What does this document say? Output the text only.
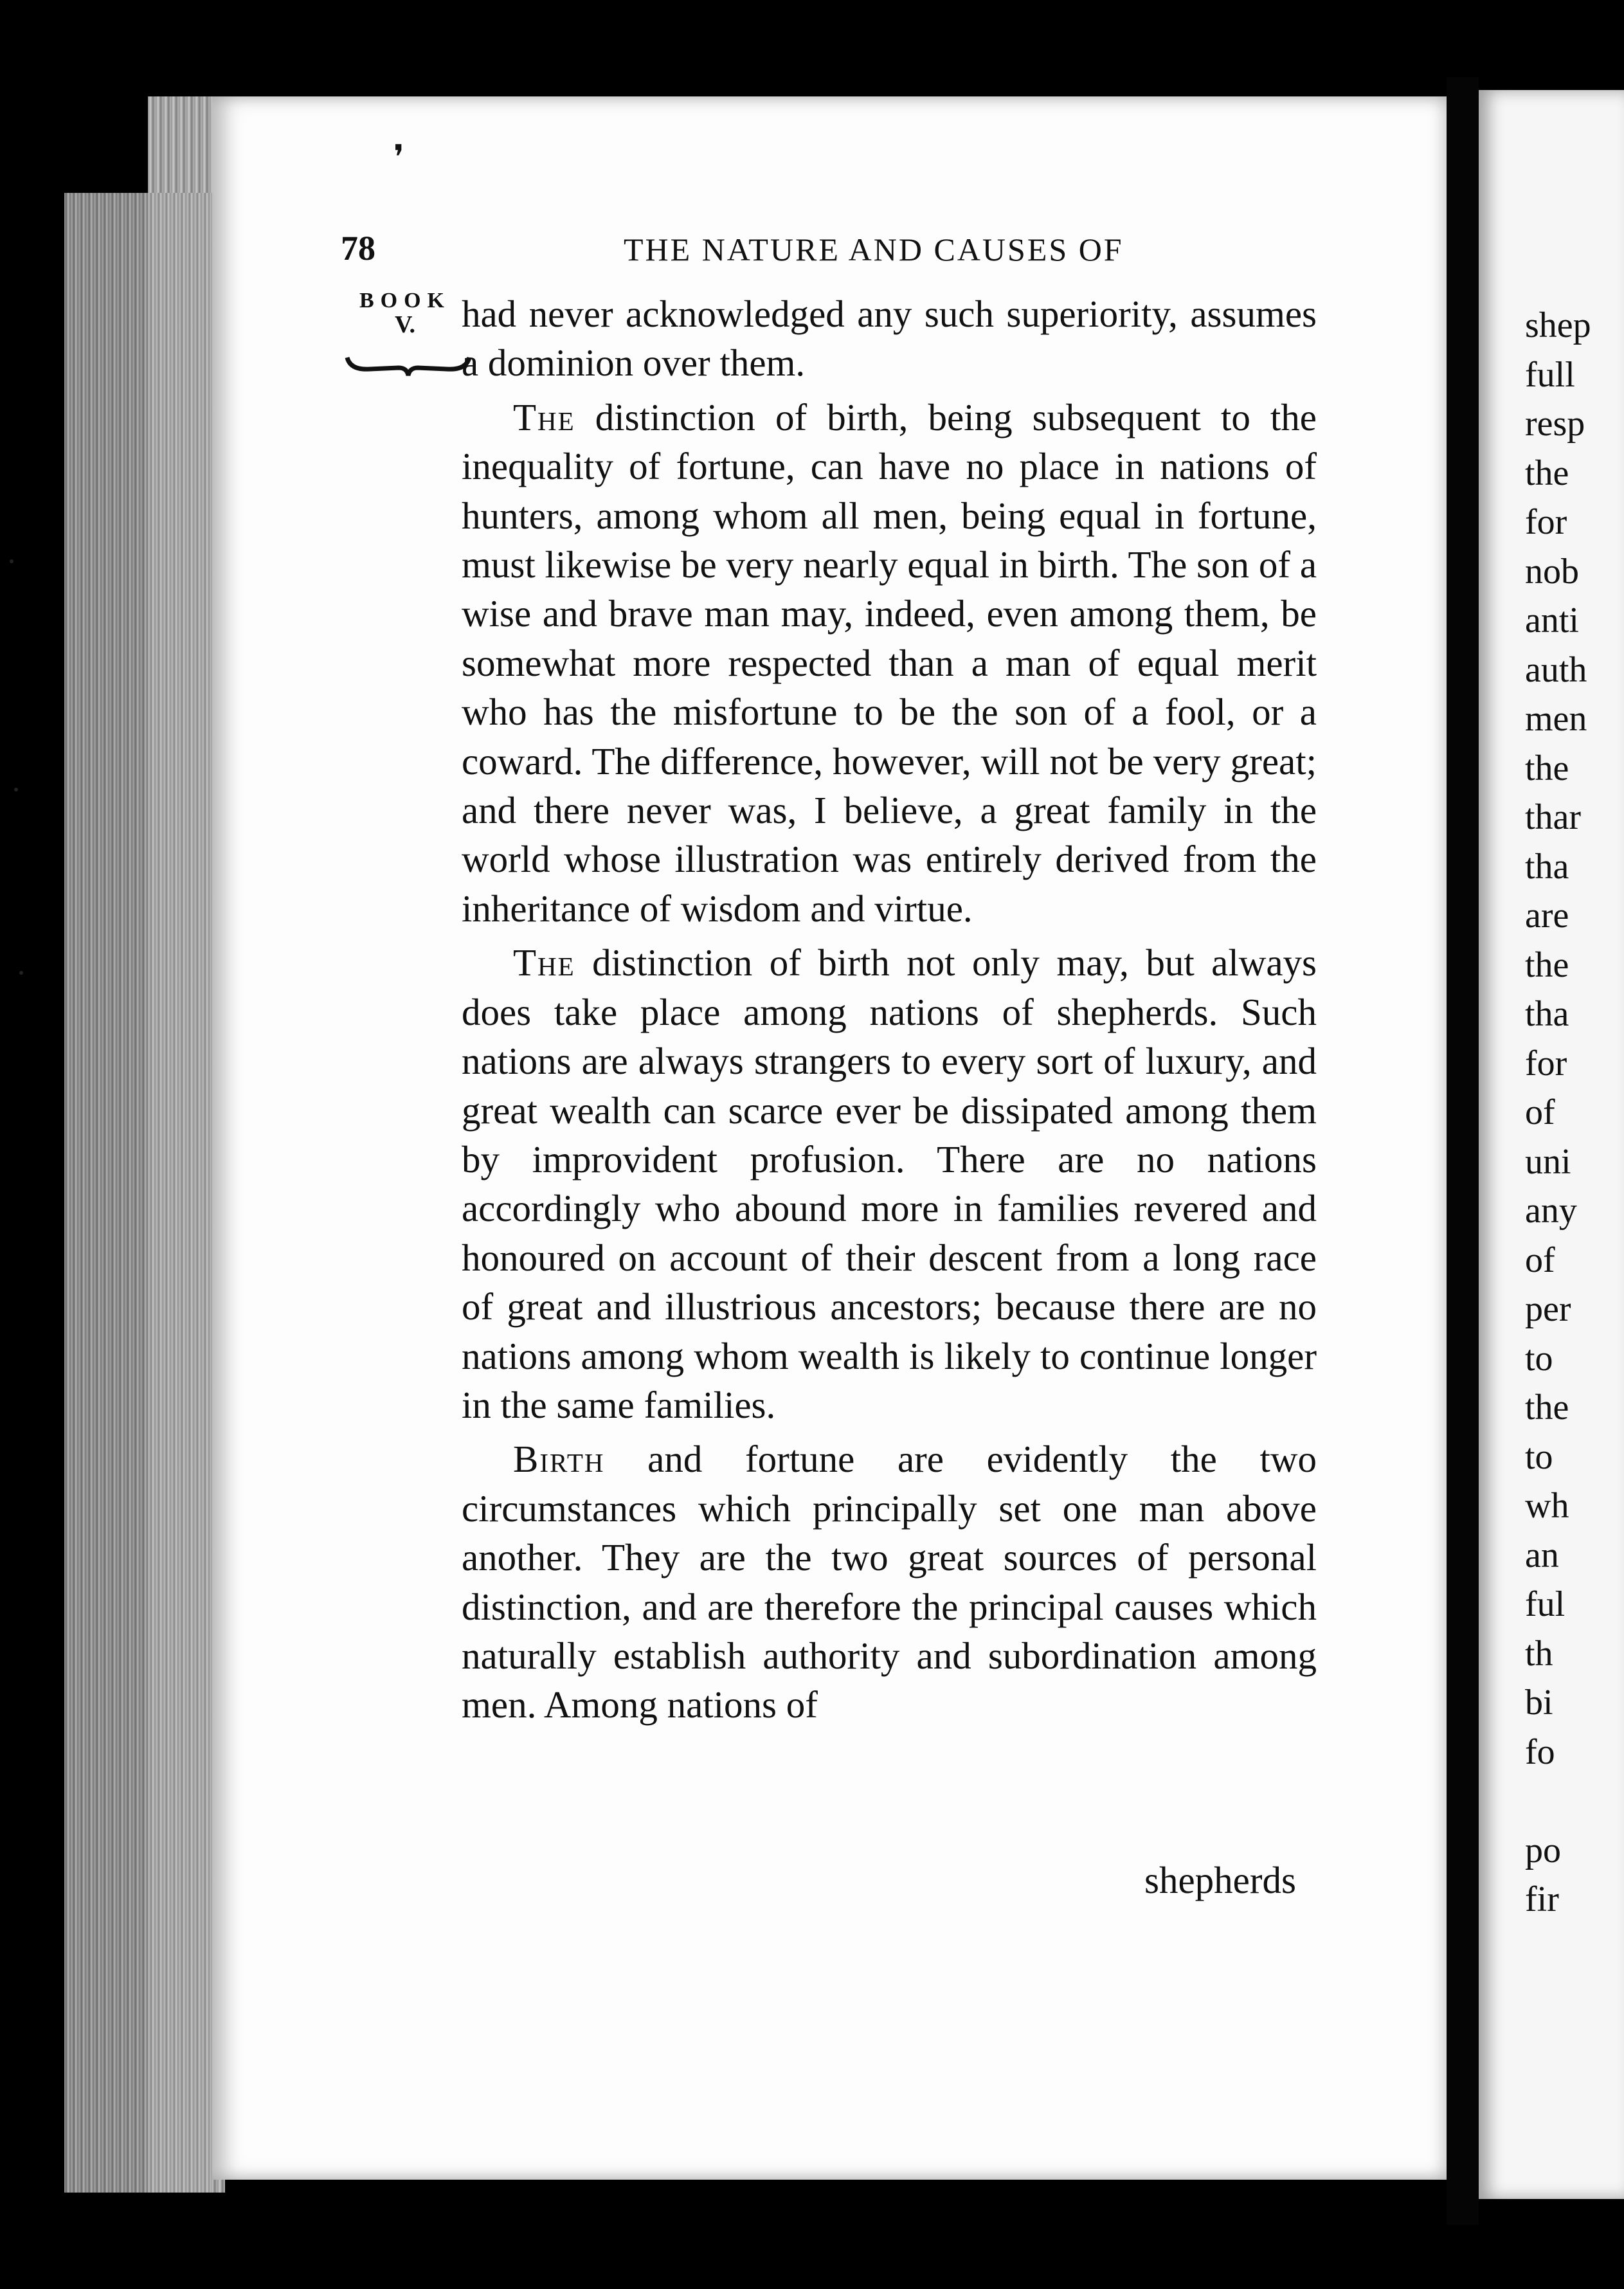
❜
78	THE NATURE AND CAUSES OF
BOOK
V.	had never acknowledged any such superiority, assumes a dominion over them.

The distinction of birth, being subsequent to the inequality of fortune, can have no place in nations of hunters, among whom all men, being equal in fortune, must likewise be very nearly equal in birth. The son of a wise and brave man may, indeed, even among them, be somewhat more respected than a man of equal merit who has the misfortune to be the son of a fool, or a coward. The difference, however, will not be very great; and there never was, I believe, a great family in the world whose illustration was entirely derived from the inheritance of wisdom and virtue.

The distinction of birth not only may, but always does take place among nations of shepherds. Such nations are always strangers to every sort of luxury, and great wealth can scarce ever be dissipated among them by improvident profusion. There are no nations accordingly who abound more in families revered and honoured on account of their descent from a long race of great and illustrious ancestors; because there are no nations among whom wealth is likely to continue longer in the same families.

Birth and fortune are evidently the two circumstances which principally set one man above another. They are the two great sources of personal distinction, and are therefore the principal causes which naturally establish authority and subordination among men. Among nations of

shepherds
shep
full
resp
the
for
nob
anti
auth
men
the
thar
tha
are
the
tha
for
of
uni
any
of
per
to
the
to
wh
an
ful
th
bi
fo
po
fir
